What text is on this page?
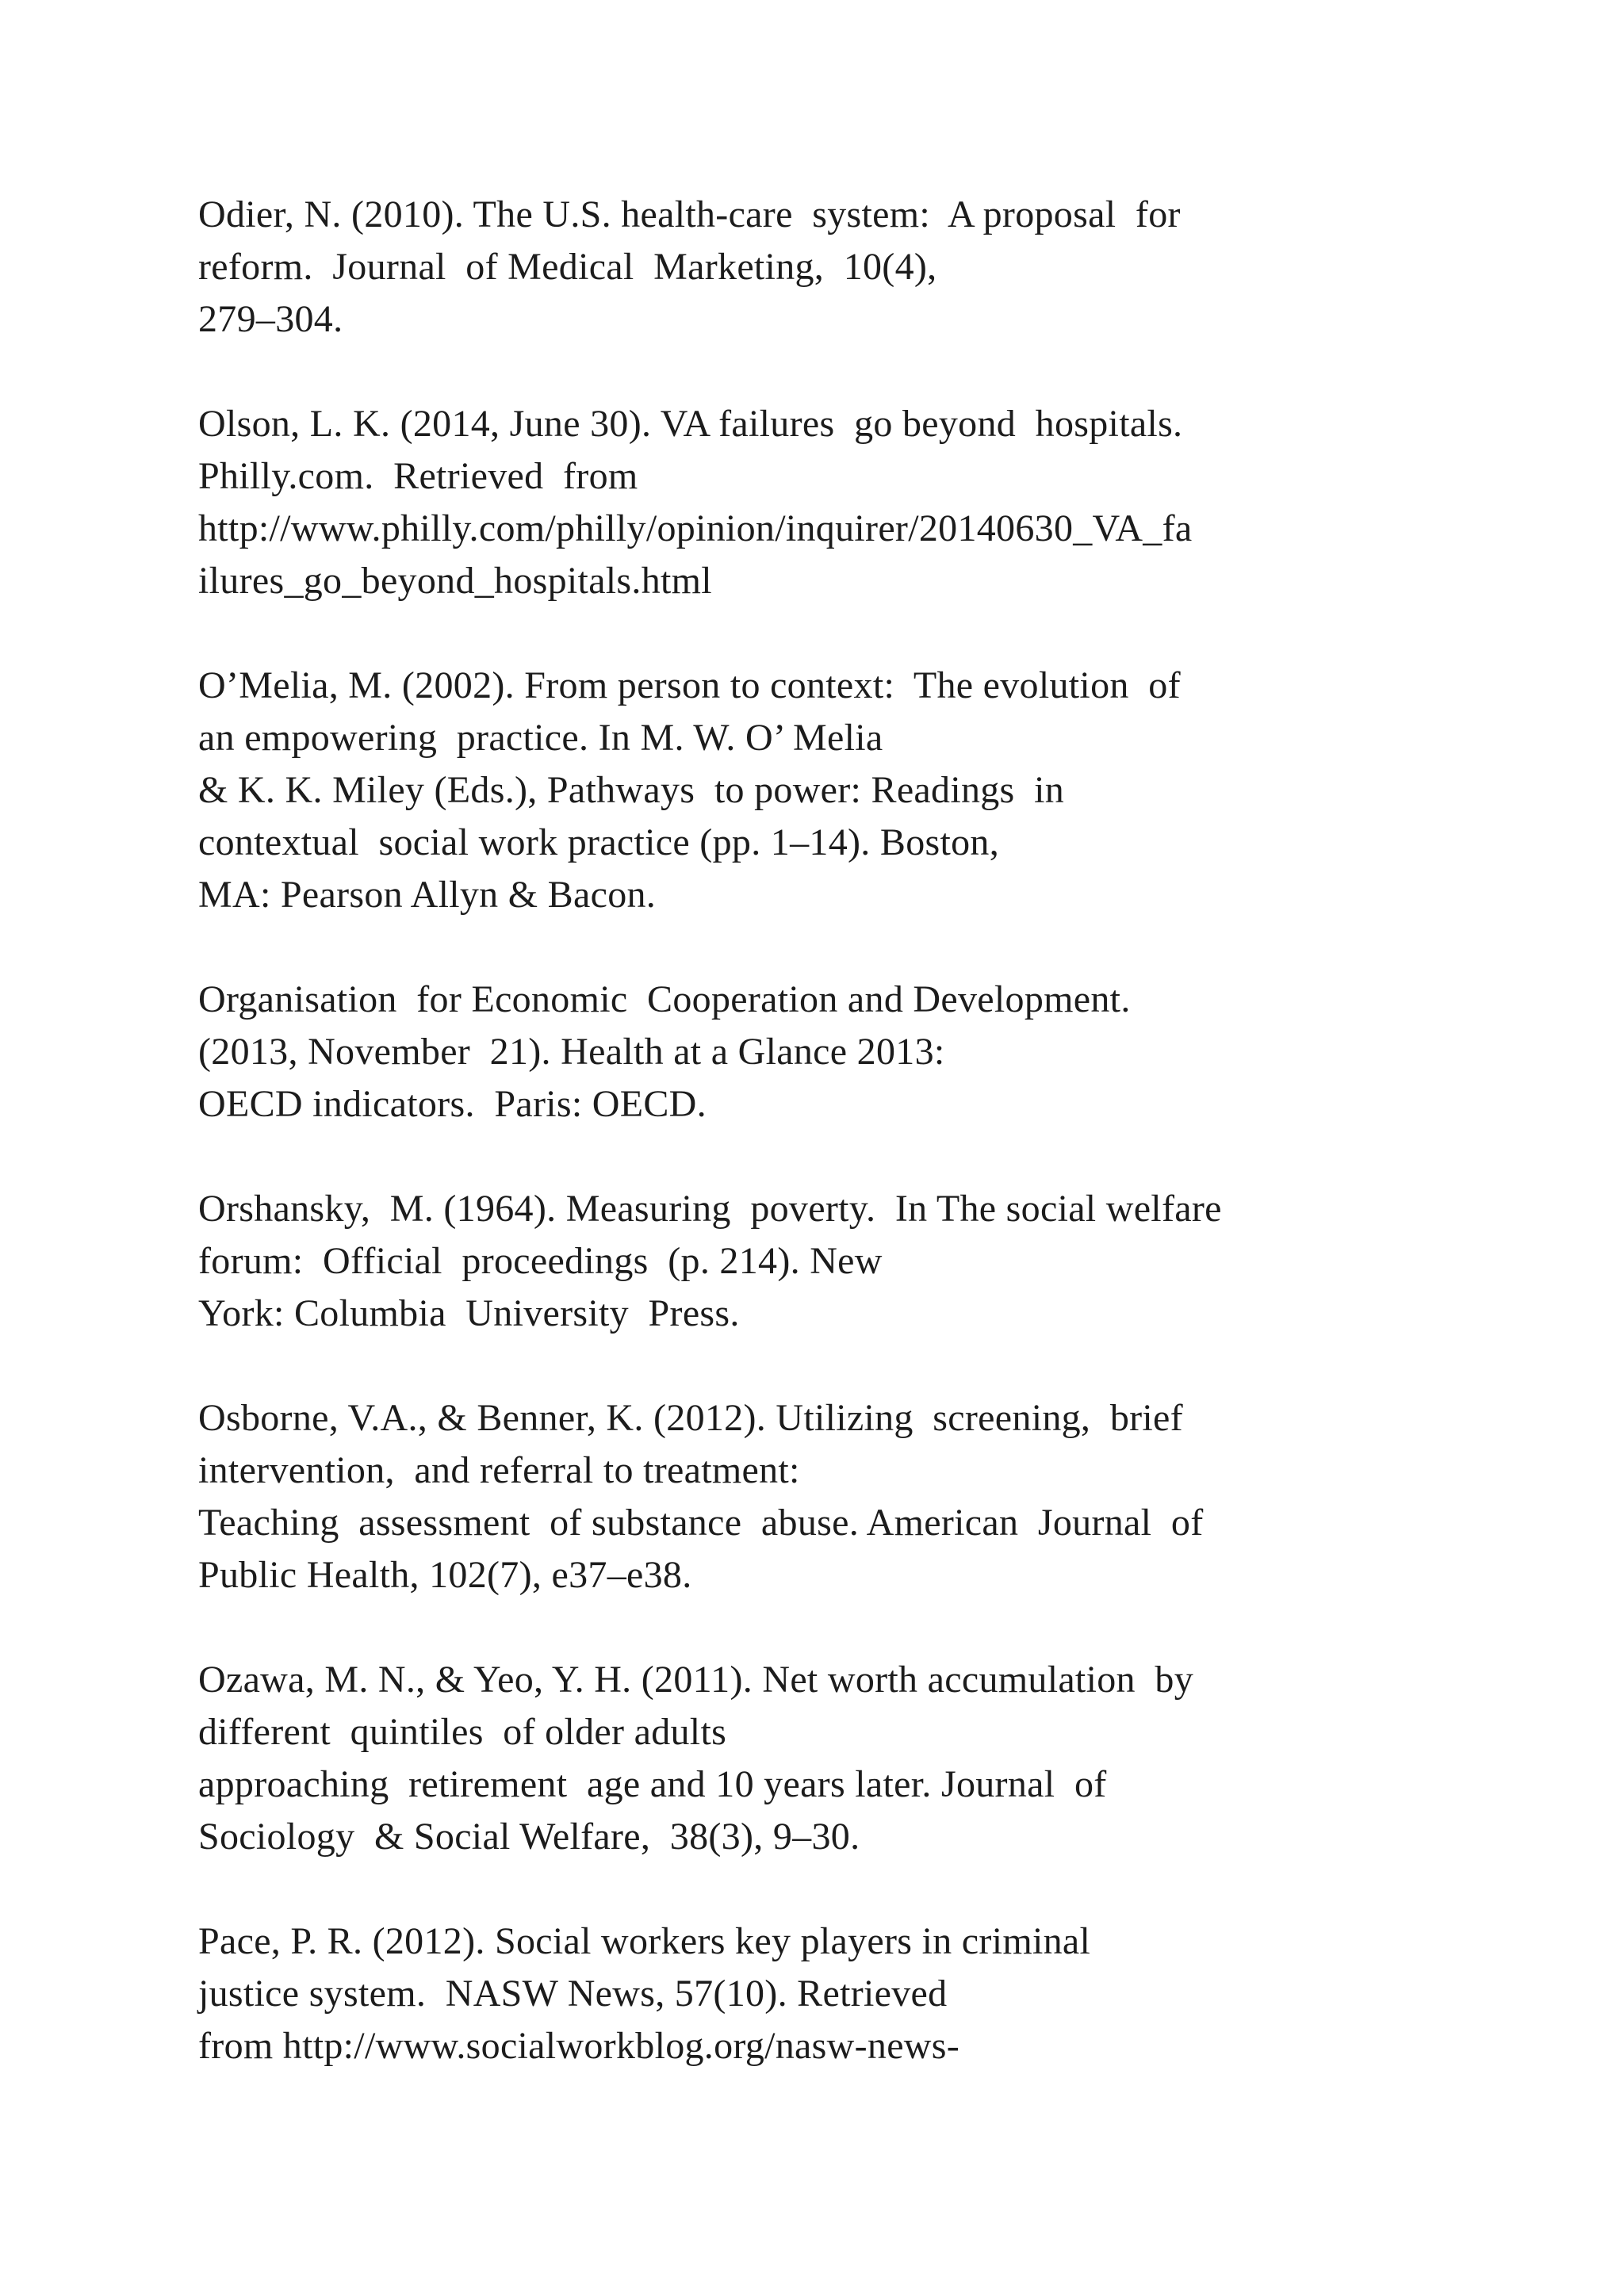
Odier, N. (2010). The U.S. health-care  system:  A proposal  for
reform.  Journal  of Medical  Marketing,  10(4),
279–304.
Olson, L. K. (2014, June 30). VA failures  go beyond  hospitals.
Philly.com.  Retrieved  from
http://www.philly.com/philly/opinion/inquirer/20140630_VA_fa
ilures_go_beyond_hospitals.html
O’Melia, M. (2002). From person to context:  The evolution  of
an empowering  practice. In M. W. O’ Melia
& K. K. Miley (Eds.), Pathways  to power: Readings  in
contextual  social work practice (pp. 1–14). Boston,
MA: Pearson Allyn & Bacon.
Organisation  for Economic  Cooperation and Development.
(2013, November  21). Health at a Glance 2013:
OECD indicators.  Paris: OECD.
Orshansky,  M. (1964). Measuring  poverty.  In The social welfare
forum:  Official  proceedings  (p. 214). New
York: Columbia  University  Press.
Osborne, V.A., & Benner, K. (2012). Utilizing  screening,  brief
intervention,  and referral to treatment:
Teaching  assessment  of substance  abuse. American  Journal  of
Public Health, 102(7), e37–e38.
Ozawa, M. N., & Yeo, Y. H. (2011). Net worth accumulation  by
different  quintiles  of older adults
approaching  retirement  age and 10 years later. Journal  of
Sociology  & Social Welfare,  38(3), 9–30.
Pace, P. R. (2012). Social workers key players in criminal
justice system.  NASW News, 57(10). Retrieved
from http://www.socialworkblog.org/nasw-news-
